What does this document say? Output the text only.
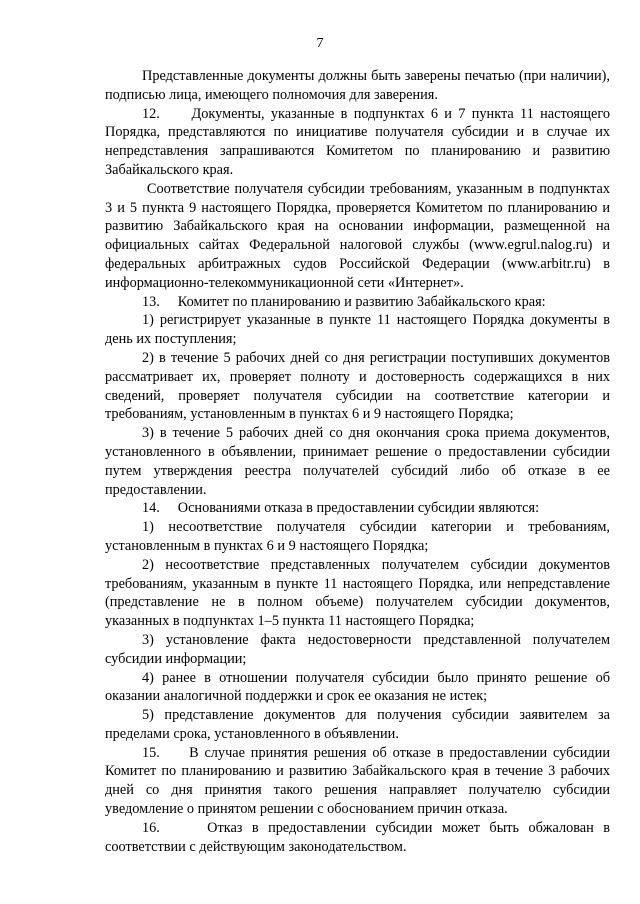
7

Представленные документы должны быть заверены печатью (при наличии), подписью лица, имеющего полномочия для заверения.

12.     Документы, указанные в подпунктах 6 и 7 пункта 11 настоящего Порядка, представляются по инициативе получателя субсидии и в случае их непредставления запрашиваются Комитетом по планированию и развитию Забайкальского края.

Соответствие получателя субсидии требованиям, указанным в подпунктах 3 и 5 пункта 9 настоящего Порядка, проверяется Комитетом по планированию и развитию Забайкальского края на основании информации, размещенной на официальных сайтах Федеральной налоговой службы (www.egrul.nalog.ru) и федеральных арбитражных судов Российской Федерации (www.arbitr.ru) в информационно-телекоммуникационной сети «Интернет».

13.     Комитет по планированию и развитию Забайкальского края:

1) регистрирует указанные в пункте 11 настоящего Порядка документы в день их поступления;

2) в течение 5 рабочих дней со дня регистрации поступивших документов рассматривает их, проверяет полноту и достоверность содержащихся в них сведений, проверяет получателя субсидии на соответствие категории и требованиям, установленным в пунктах 6 и 9 настоящего Порядка;

3) в течение 5 рабочих дней со дня окончания срока приема документов, установленного в объявлении, принимает решение о предоставлении субсидии путем утверждения реестра получателей субсидий либо об отказе в ее предоставлении.

14.     Основаниями отказа в предоставлении субсидии являются:

1) несоответствие получателя субсидии категории и требованиям, установленным в пунктах 6 и 9 настоящего Порядка;

2) несоответствие представленных получателем субсидии документов требованиям, указанным в пункте 11 настоящего Порядка, или непредставление (представление не в полном объеме) получателем субсидии документов, указанных в подпунктах 1–5 пункта 11 настоящего Порядка;

3) установление факта недостоверности представленной получателем субсидии информации;

4) ранее в отношении получателя субсидии было принято решение об оказании аналогичной поддержки и срок ее оказания не истек;

5) представление документов для получения субсидии заявителем за пределами срока, установленного в объявлении.

15.     В случае принятия решения об отказе в предоставлении субсидии Комитет по планированию и развитию Забайкальского края в течение 3 рабочих дней со дня принятия такого решения направляет получателю субсидии уведомление о принятом решении с обоснованием причин отказа.

16.     Отказ в предоставлении субсидии может быть обжалован в соответствии с действующим законодательством.
